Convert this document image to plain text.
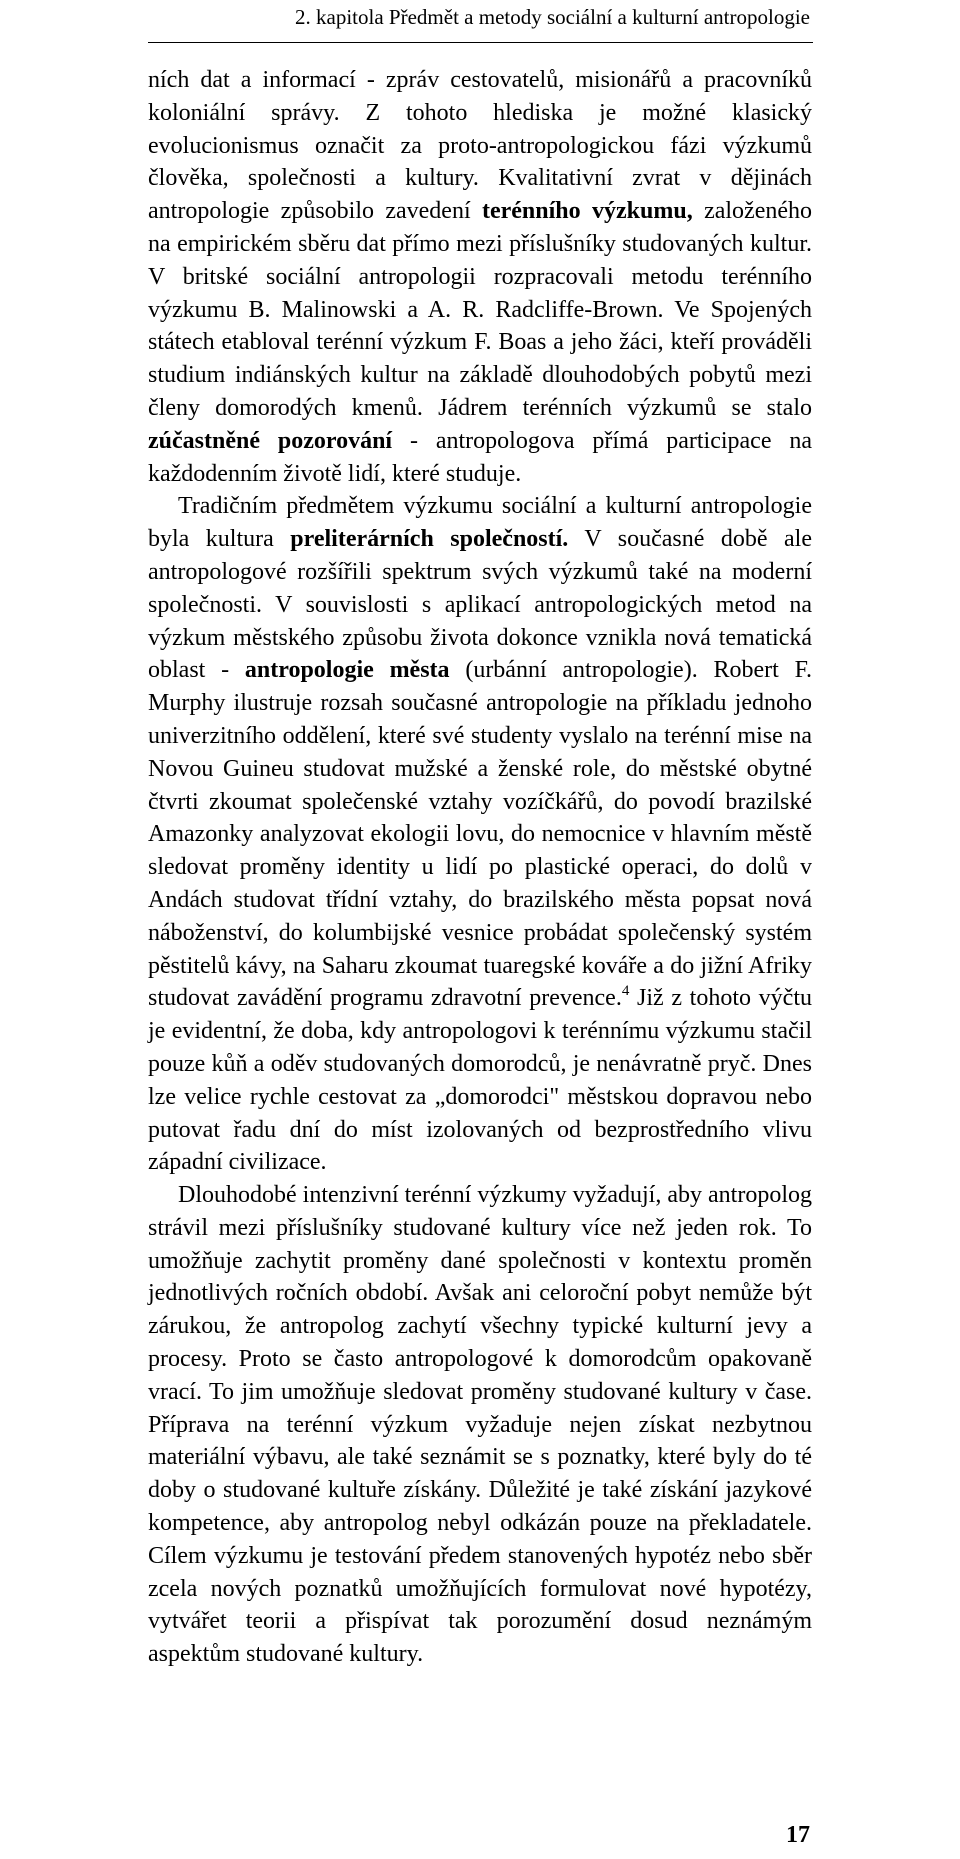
2. kapitola Předmět a metody sociální a kulturní antropologie

ních dat a informací - zpráv cestovatelů, misionářů a pracovníků koloniální správy. Z tohoto hlediska je možné klasický evolucionismus označit za proto-antropologickou fázi výzkumů člověka, společnosti a kultury. Kvalitativní zvrat v dějinách antropologie způsobilo zavedení terénního výzkumu, založeného na empirickém sběru dat přímo mezi příslušníky studovaných kultur. V britské sociální antropologii rozpracovali metodu terénního výzkumu B. Malinowski a A. R. Radcliffe-Brown. Ve Spojených státech etabloval terénní výzkum F. Boas a jeho žáci, kteří prováděli studium indiánských kultur na základě dlouhodobých pobytů mezi členy domorodých kmenů. Jádrem terénních výzkumů se stalo zúčastněné pozorování - antropologova přímá participace na každodenním životě lidí, které studuje.

Tradičním předmětem výzkumu sociální a kulturní antropologie byla kultura preliterárních společností. V současné době ale antropologové rozšířili spektrum svých výzkumů také na moderní společnosti. V souvislosti s aplikací antropologických metod na výzkum městského způsobu života dokonce vznikla nová tematická oblast - antropologie města (urbánní antropologie). Robert F. Murphy ilustruje rozsah současné antropologie na příkladu jednoho univerzitního oddělení, které své studenty vyslalo na terénní mise na Novou Guineu studovat mužské a ženské role, do městské obytné čtvrti zkoumat společenské vztahy vozíčkářů, do povodí brazilské Amazonky analyzovat ekologii lovu, do nemocnice v hlavním městě sledovat proměny identity u lidí po plastické operaci, do dolů v Andách studovat třídní vztahy, do brazilského města popsat nová náboženství, do kolumbijské vesnice probádat společenský systém pěstitelů kávy, na Saharu zkoumat tuaregské kováře a do jižní Afriky studovat zavádění programu zdravotní prevence.$^4$ Již z tohoto výčtu je evidentní, že doba, kdy antropologovi k terénnímu výzkumu stačil pouze kůň a oděv studovaných domorodců, je nenávratně pryč. Dnes lze velice rychle cestovat za „domorodci" městskou dopravou nebo putovat řadu dní do míst izolovaných od bezprostředního vlivu západní civilizace.

Dlouhodobé intenzivní terénní výzkumy vyžadují, aby antropolog strávil mezi příslušníky studované kultury více než jeden rok. To umožňuje zachytit proměny dané společnosti v kontextu proměn jednotlivých ročních období. Avšak ani celoroční pobyt nemůže být zárukou, že antropolog zachytí všechny typické kulturní jevy a procesy. Proto se často antropologové k domorodcům opakovaně vrací. To jim umožňuje sledovat proměny studované kultury v čase. Příprava na terénní výzkum vyžaduje nejen získat nezbytnou materiální výbavu, ale také seznámit se s poznatky, které byly do té doby o studované kultuře získány. Důležité je také získání jazykové kompetence, aby antropolog nebyl odkázán pouze na překladatele. Cílem výzkumu je testování předem stanovených hypotéz nebo sběr zcela nových poznatků umožňujících formulovat nové hypotézy, vytvářet teorii a přispívat tak porozumění dosud neznámým aspektům studované kultury.

17
